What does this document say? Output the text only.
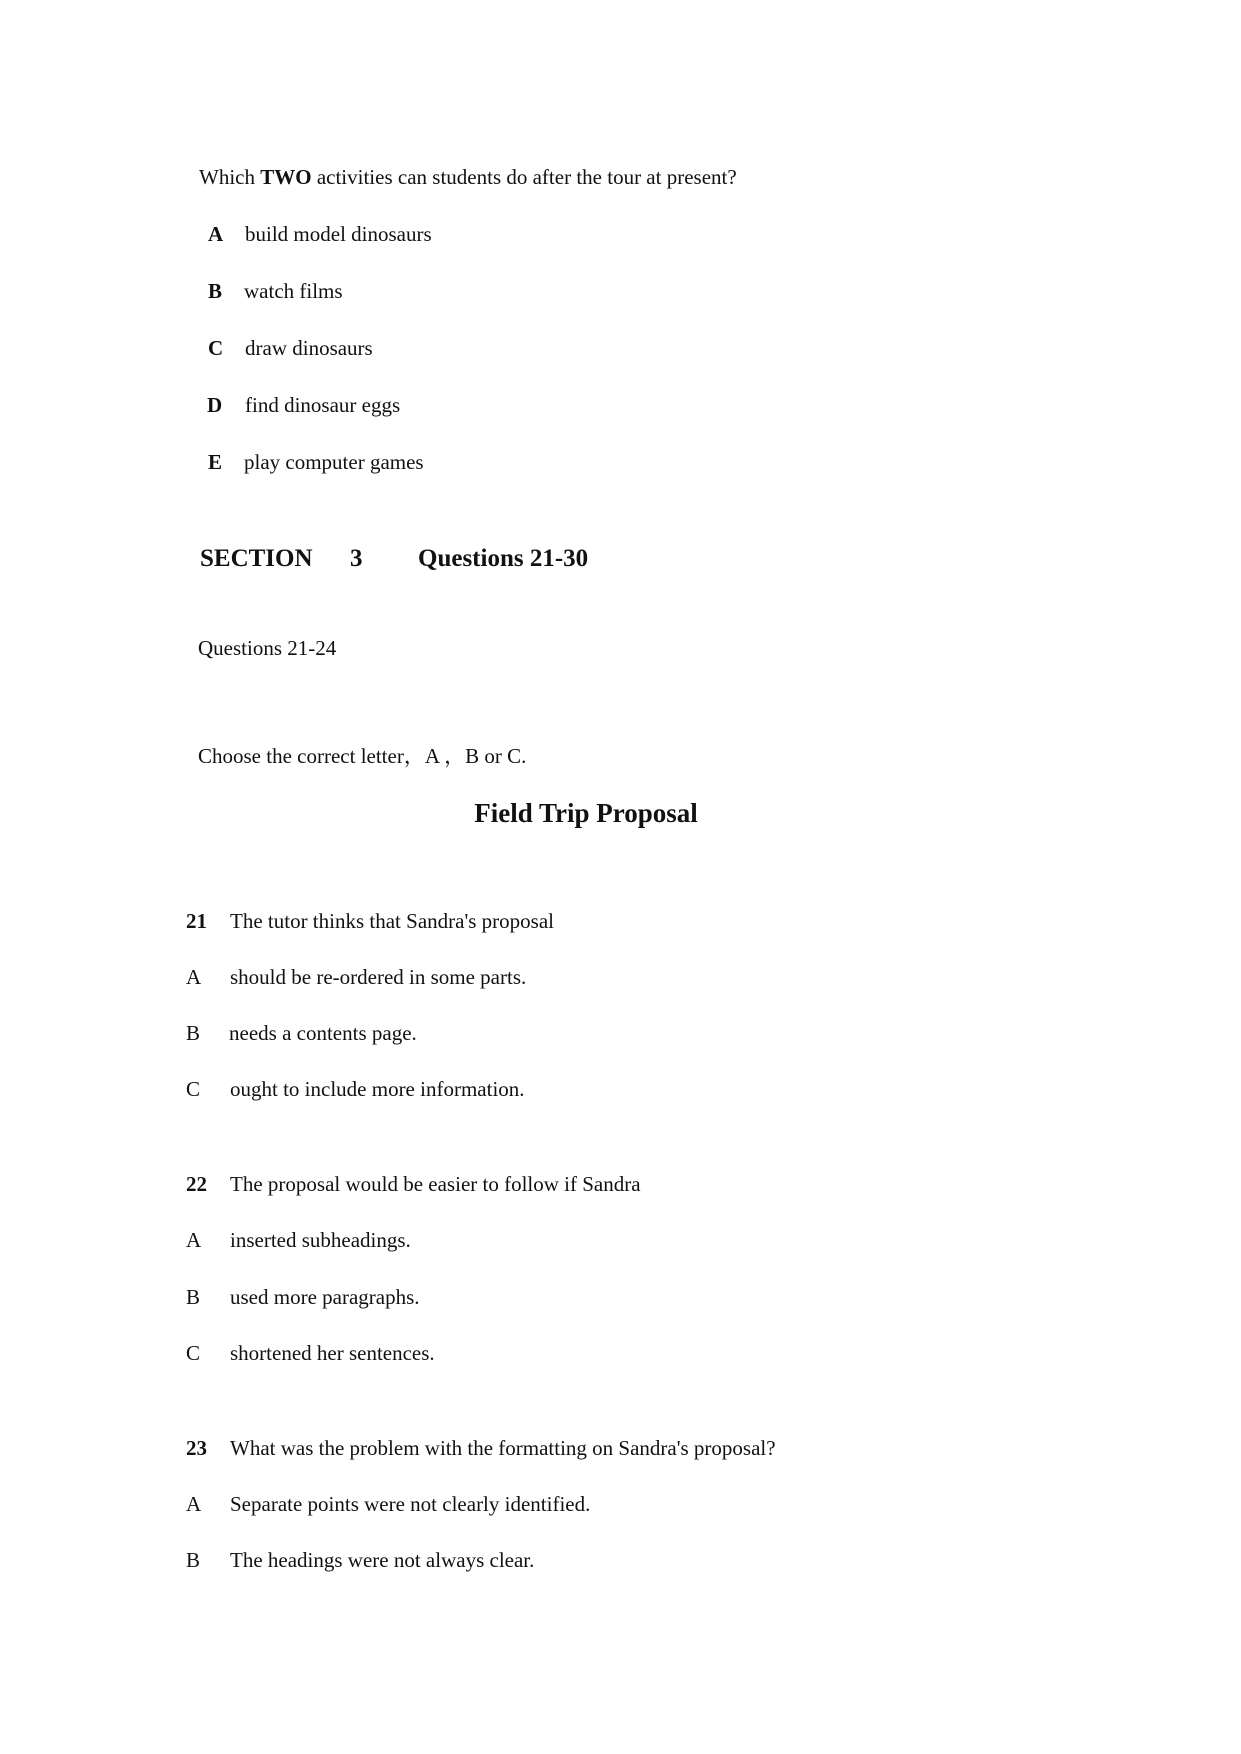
Which TWO activities can students do after the tour at present?
A build model dinosaurs
B watch films
C draw dinosaurs
D find dinosaur eggs
E play computer games
SECTION 3 Questions 21-30
Questions 21-24
Choose the correct letter，A ，B or C.
Field Trip Proposal
21 The tutor thinks that Sandra's proposal
A should be re-ordered in some parts.
B needs a contents page.
C ought to include more information.
22 The proposal would be easier to follow if Sandra
A inserted subheadings.
B used more paragraphs.
C shortened her sentences.
23 What was the problem with the formatting on Sandra's proposal?
A Separate points were not clearly identified.
B The headings were not always clear.
